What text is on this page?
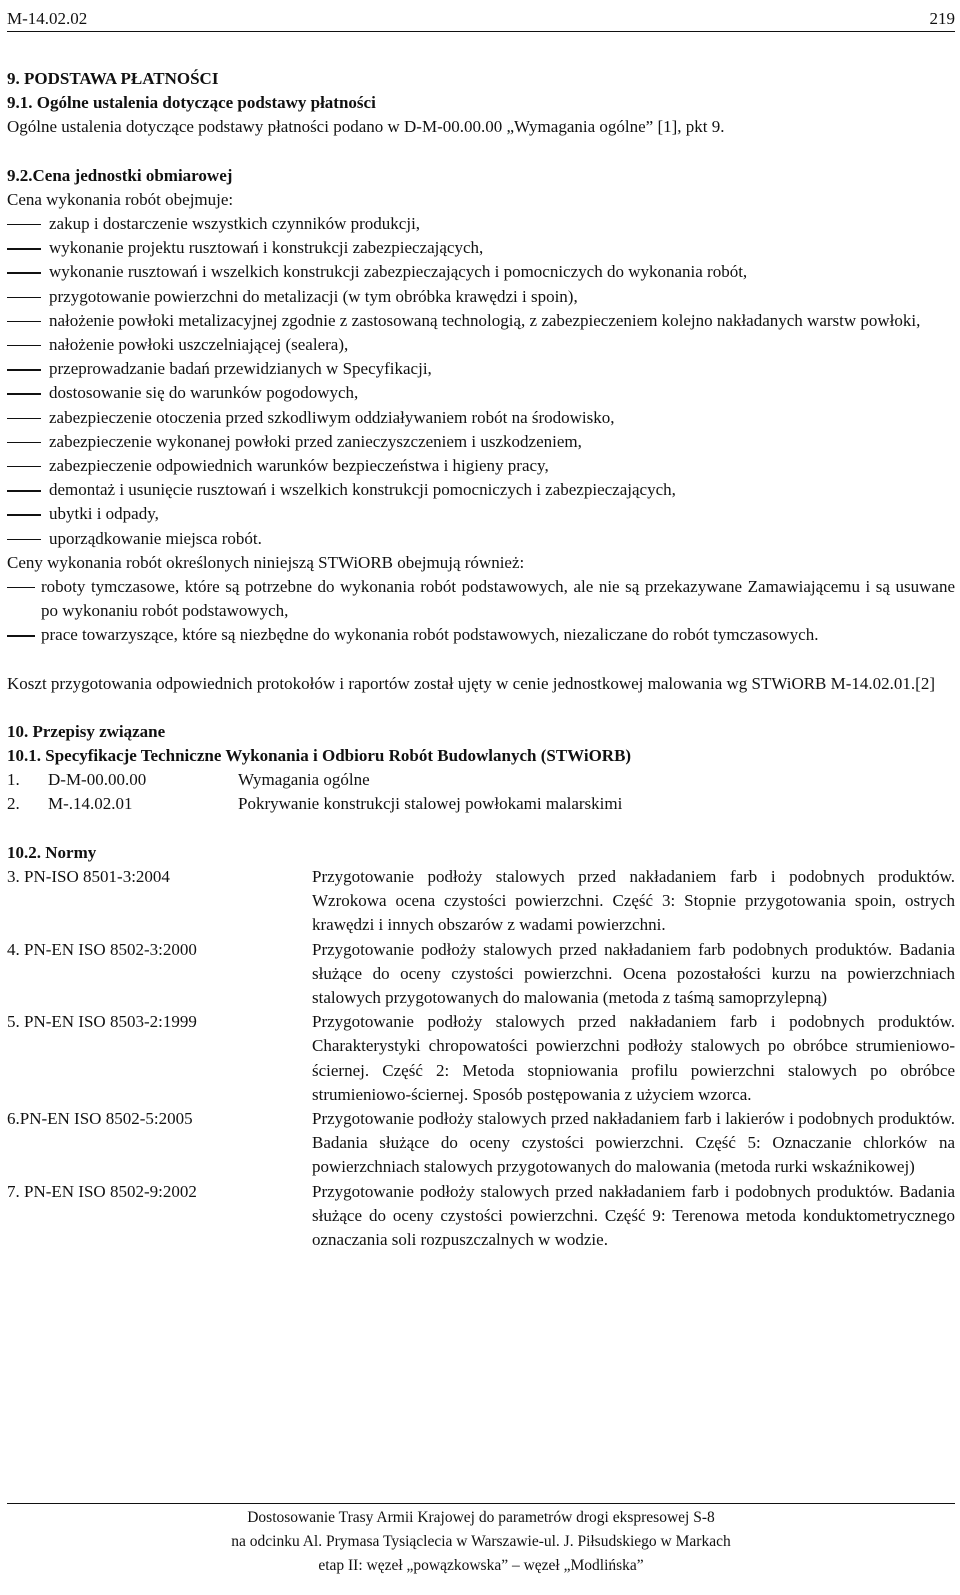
M-14.02.02	219

9. PODSTAWA PŁATNOŚCI

9.1. Ogólne ustalenia dotyczące podstawy płatności

Ogólne ustalenia dotyczące podstawy płatności podano w D-M-00.00.00 „Wymagania ogólne” [1], pkt 9.

9.2.Cena jednostki obmiarowej

Cena wykonania robót obejmuje:

zakup i dostarczenie wszystkich czynników produkcji,
wykonanie projektu rusztowań i konstrukcji zabezpieczających,
wykonanie rusztowań i wszelkich konstrukcji zabezpieczających i pomocniczych do wykonania robót,
przygotowanie powierzchni do metalizacji (w tym obróbka krawędzi i spoin),
nałożenie powłoki metalizacyjnej zgodnie z zastosowaną technologią, z zabezpieczeniem kolejno nakładanych warstw powłoki,
nałożenie powłoki uszczelniającej (sealera),
przeprowadzanie badań przewidzianych w Specyfikacji,
dostosowanie się do warunków pogodowych,
zabezpieczenie otoczenia przed szkodliwym oddziaływaniem robót na środowisko,
zabezpieczenie wykonanej powłoki przed zanieczyszczeniem i uszkodzeniem,
zabezpieczenie odpowiednich warunków bezpieczeństwa i higieny pracy,
demontaż i usunięcie rusztowań i wszelkich konstrukcji pomocniczych i zabezpieczających,
ubytki i odpady,
uporządkowanie miejsca robót.

Ceny wykonania robót określonych niniejszą STWiORB obejmują również:

roboty tymczasowe, które są potrzebne do wykonania robót podstawowych, ale nie są przekazywane Zamawiającemu i są usuwane po wykonaniu robót podstawowych,
prace towarzyszące, które są niezbędne do wykonania robót podstawowych, niezaliczane do robót tymczasowych.

Koszt przygotowania odpowiednich protokołów i raportów został ujęty w cenie jednostkowej malowania wg STWiORB M-14.02.01.[2]

10. Przepisy związane

10.1. Specyfikacje Techniczne Wykonania i Odbioru Robót Budowlanych (STWiORB)

1.	D-M-00.00.00	Wymagania ogólne
2.	M-.14.02.01	Pokrywanie konstrukcji stalowej powłokami malarskimi

10.2. Normy

3. PN-ISO 8501-3:2004	Przygotowanie podłoży stalowych przed nakładaniem farb i podobnych produktów. Wzrokowa ocena czystości powierzchni. Część 3: Stopnie przygotowania spoin, ostrych krawędzi i innych obszarów z wadami powierzchni.
4. PN-EN ISO 8502-3:2000	Przygotowanie podłoży stalowych przed nakładaniem farb podobnych produktów. Badania służące do oceny czystości powierzchni. Ocena pozostałości kurzu na powierzchniach stalowych przygotowanych do malowania (metoda z taśmą samoprzylepną)
5. PN-EN ISO 8503-2:1999	Przygotowanie podłoży stalowych przed nakładaniem farb i podobnych produktów. Charakterystyki chropowatości powierzchni podłoży stalowych po obróbce strumieniowo-ściernej. Część 2: Metoda stopniowania profilu powierzchni stalowych po obróbce strumieniowo-ściernej. Sposób postępowania z użyciem wzorca.
6.PN-EN ISO 8502-5:2005	Przygotowanie podłoży stalowych przed nakładaniem farb i lakierów i podobnych produktów. Badania służące do oceny czystości powierzchni. Część 5: Oznaczanie chlorków na powierzchniach stalowych przygotowanych do malowania (metoda rurki wskaźnikowej)
7. PN-EN ISO 8502-9:2002	Przygotowanie podłoży stalowych przed nakładaniem farb i podobnych produktów. Badania służące do oceny czystości powierzchni. Część 9: Terenowa metoda konduktometrycznego oznaczania soli rozpuszczalnych w wodzie.
Dostosowanie Trasy Armii Krajowej do parametrów drogi ekspresowej S-8
na odcinku Al. Prymasa Tysiąclecia w Warszawie-ul. J. Piłsudskiego w Markach
etap II: węzeł „powązkowska” – węzeł „Modlińska”
